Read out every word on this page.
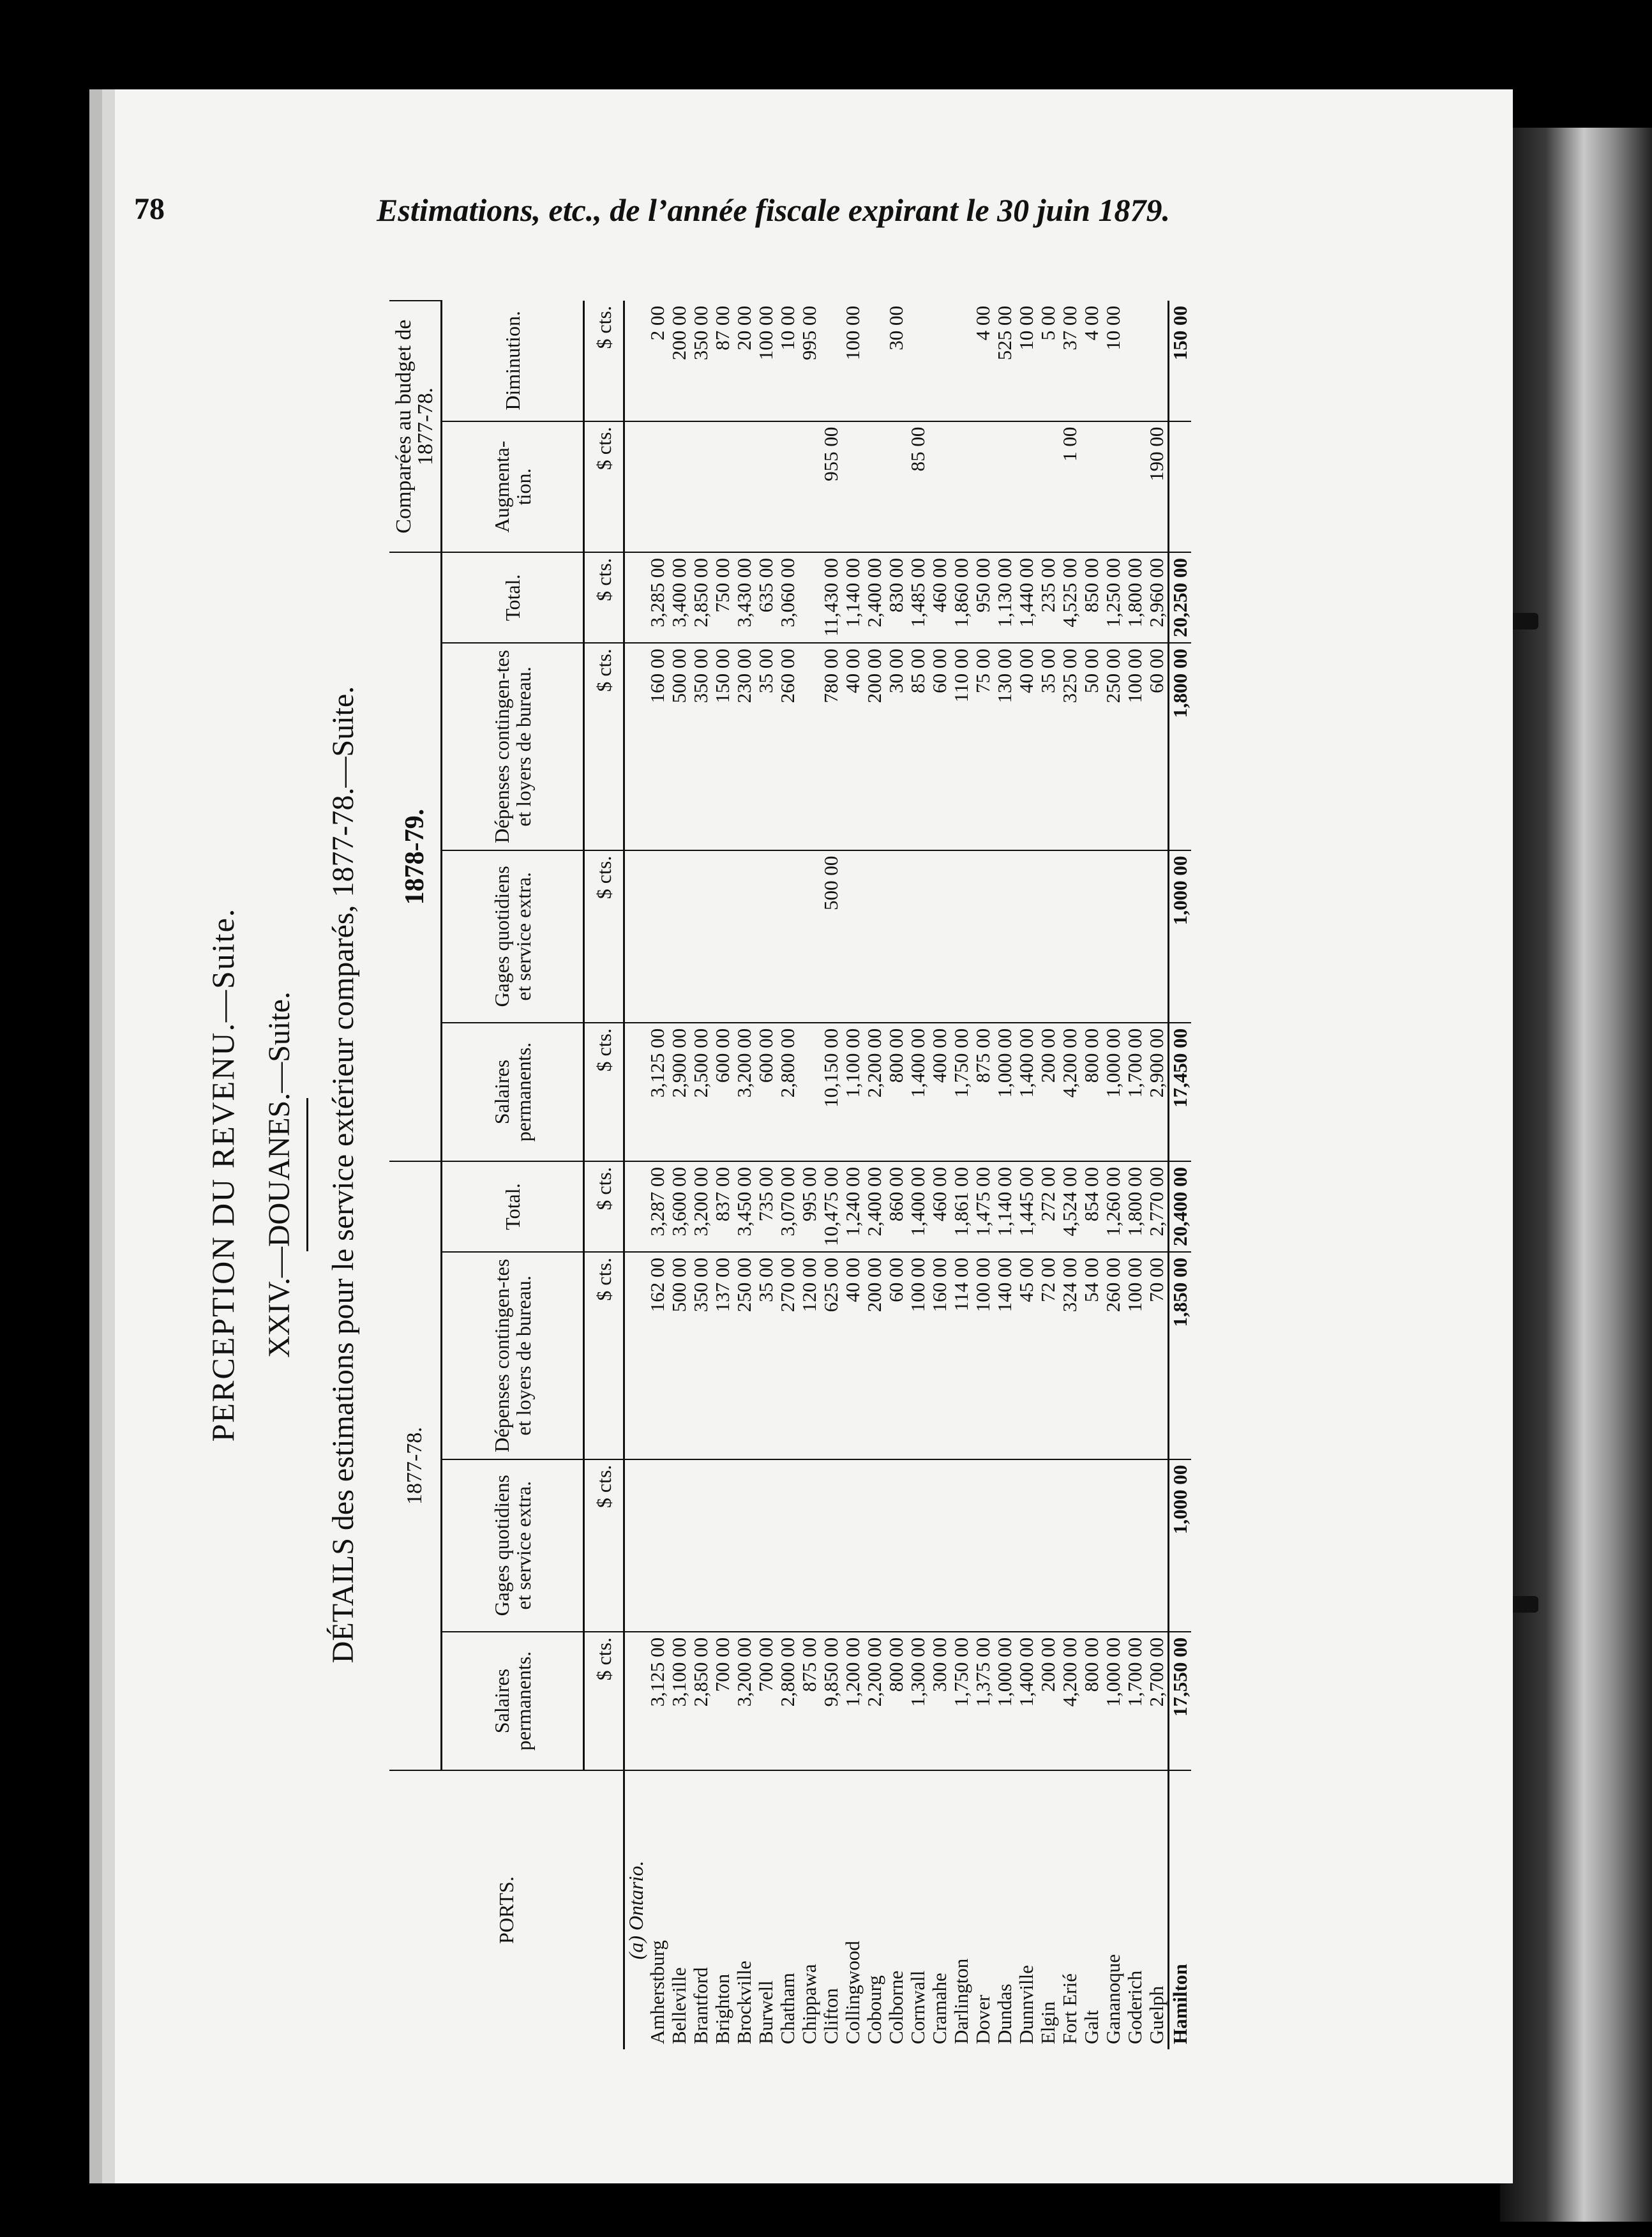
78	Estimations, etc., de l’année fiscale expirant le 30 juin 1879.
PERCEPTION DU REVENU.—Suite. XXIV.—DOUANES.—Suite. DÉTAILS des estimations pour le service extérieur comparés, 1877-78.—Suite.
PORTS.	1877-78.				1878-79.				Comparées au budget de 1877-78.	
	Salaires permanents.	Gages quotidiens et service extra.	Dépenses contingen-tes et loyers de bureau.	Total.	Salaires permanents.	Gages quotidiens et service extra.	Dépenses contingen-tes et loyers de bureau.	Total.	Augmenta-tion.	Diminution.
	$ cts.	$ cts.	$ cts.	$ cts.	$ cts.	$ cts.	$ cts.	$ cts.	$ cts.	$ cts.
(a) Ontario.										
Amherstburg	3,125 00		162 00	3,287 00	3,125 00		160 00	3,285 00		2 00
Belleville	3,100 00		500 00	3,600 00	2,900 00		500 00	3,400 00		200 00
Brantford	2,850 00		350 00	3,200 00	2,500 00		350 00	2,850 00		350 00
Brighton	700 00		137 00	837 00	600 00		150 00	750 00		87 00
Brockville	3,200 00		250 00	3,450 00	3,200 00		230 00	3,430 00		20 00
Burwell	700 00		35 00	735 00	600 00		35 00	635 00		100 00
Chatham	2,800 00		270 00	3,070 00	2,800 00		260 00	3,060 00		10 00
Chippawa	875 00		120 00	995 00						995 00
Clifton	9,850 00		625 00	10,475 00	10,150 00	500 00	780 00	11,430 00	955 00	
Collingwood	1,200 00		40 00	1,240 00	1,100 00		40 00	1,140 00		100 00
Cobourg	2,200 00		200 00	2,400 00	2,200 00		200 00	2,400 00		
Colborne	800 00		60 00	860 00	800 00		30 00	830 00		30 00
Cornwall	1,300 00		100 00	1,400 00	1,400 00		85 00	1,485 00	85 00	
Cramahe	300 00		160 00	460 00	400 00		60 00	460 00		
Darlington	1,750 00		114 00	1,861 00	1,750 00		110 00	1,860 00		
Dover	1,375 00		100 00	1,475 00	875 00		75 00	950 00		4 00
Dundas	1,000 00		140 00	1,140 00	1,000 00		130 00	1,130 00		525 00
Dunnville	1,400 00		45 00	1,445 00	1,400 00		40 00	1,440 00		10 00
Elgin	200 00		72 00	272 00	200 00		35 00	235 00		5 00
Fort Erié	4,200 00		324 00	4,524 00	4,200 00		325 00	4,525 00	1 00	37 00
Galt	800 00		54 00	854 00	800 00		50 00	850 00		4 00
Gananoque	1,000 00		260 00	1,260 00	1,000 00		250 00	1,250 00		10 00
Goderich	1,700 00		100 00	1,800 00	1,700 00		100 00	1,800 00		
Guelph	2,700 00		70 00	2,770 00	2,900 00		60 00	2,960 00	190 00	
Hamilton	17,550 00	1,000 00	1,850 00	20,400 00	17,450 00	1,000 00	1,800 00	20,250 00		150 00
